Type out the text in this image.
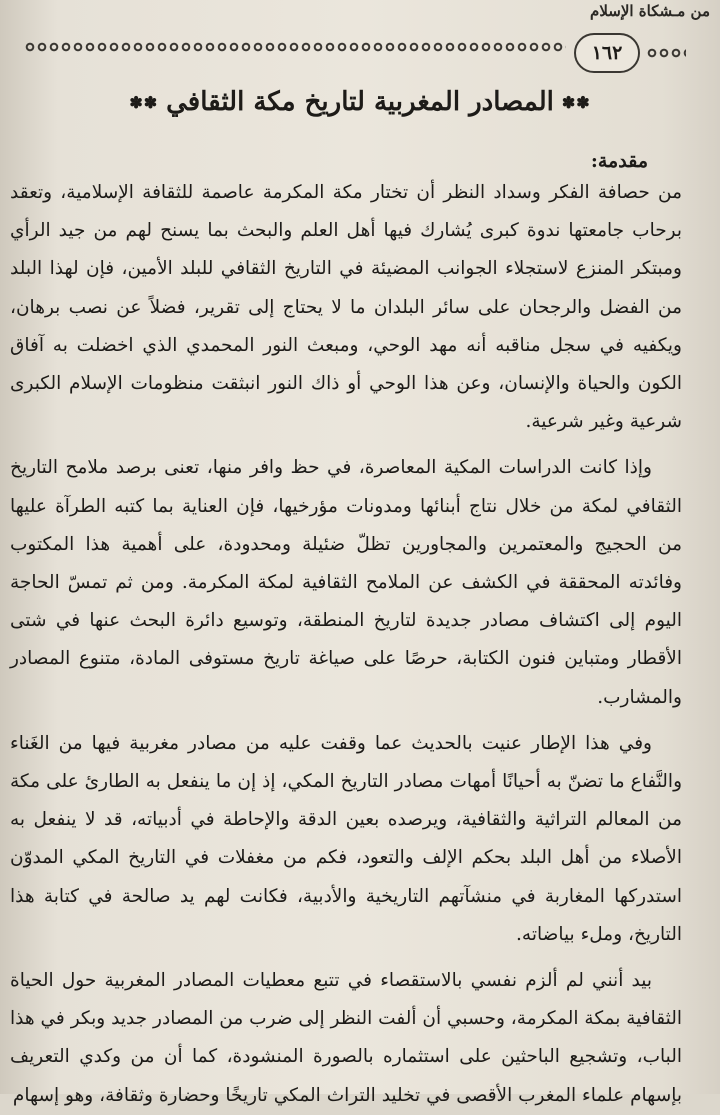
من مـشكاة الإسلام
١٦٢
✽✽
المصادر المغربية لتاريخ مكة الثقافي
✽✽
مقدمة:

من حصافة الفكر وسداد النظر أن تختار مكة المكرمة عاصمة للثقافة الإسلامية، وتعقد برحاب جامعتها ندوة كبرى يُشارك فيها أهل العلم والبحث بما يسنح لهم من جيد الرأي ومبتكر المنزع لاستجلاء الجوانب المضيئة في التاريخ الثقافي للبلد الأمين، فإن لهذا البلد من الفضل والرجحان على سائر البلدان ما لا يحتاج إلى تقرير، فضلاً عن نصب برهان، ويكفيه في سجل مناقبه أنه مهد الوحي، ومبعث النور المحمدي الذي اخضلت به آفاق الكون والحياة والإنسان، وعن هذا الوحي أو ذاك النور انبثقت منظومات الإسلام الكبرى شرعية وغير شرعية.

وإذا كانت الدراسات المكية المعاصرة، في حظ وافر منها، تعنى برصد ملامح التاريخ الثقافي لمكة من خلال نتاج أبنائها ومدونات مؤرخيها، فإن العناية بما كتبه الطرآة عليها من الحجيج والمعتمرين والمجاورين تظلّ ضئيلة ومحدودة، على أهمية هذا المكتوب وفائدته المحققة في الكشف عن الملامح الثقافية لمكة المكرمة. ومن ثم تمسّ الحاجة اليوم إلى اكتشاف مصادر جديدة لتاريخ المنطقة، وتوسيع دائرة البحث عنها في شتى الأقطار ومتباين فنون الكتابة، حرصًا على صياغة تاريخ مستوفى المادة، متنوع المصادر والمشارب.

وفي هذا الإطار عنيت بالحديث عما وقفت عليه من مصادر مغربية فيها من الغَناء والنَّفاع ما تضنّ به أحيانًا أمهات مصادر التاريخ المكي، إذ إن ما ينفعل به الطارئ على مكة من المعالم التراثية والثقافية، ويرصده بعين الدقة والإحاطة في أدبياته، قد لا ينفعل به الأصلاء من أهل البلد بحكم الإلف والتعود، فكم من مغفلات في التاريخ المكي المدوّن استدركها المغاربة في منشآتهم التاريخية والأدبية، فكانت لهم يد صالحة في كتابة هذا التاريخ، وملء بياضاته.

بيد أنني لم ألزم نفسي بالاستقصاء في تتبع معطيات المصادر المغربية حول الحياة الثقافية بمكة المكرمة، وحسبي أن ألفت النظر إلى ضرب من المصادر جديد وبكر في هذا الباب، وتشجيع الباحثين على استثماره بالصورة المنشودة، كما أن من وكدي التعريف بإسهام علماء المغرب الأقصى في تخليد التراث المكي تاريخًا وحضارة وثقافة، وهو إسهام
